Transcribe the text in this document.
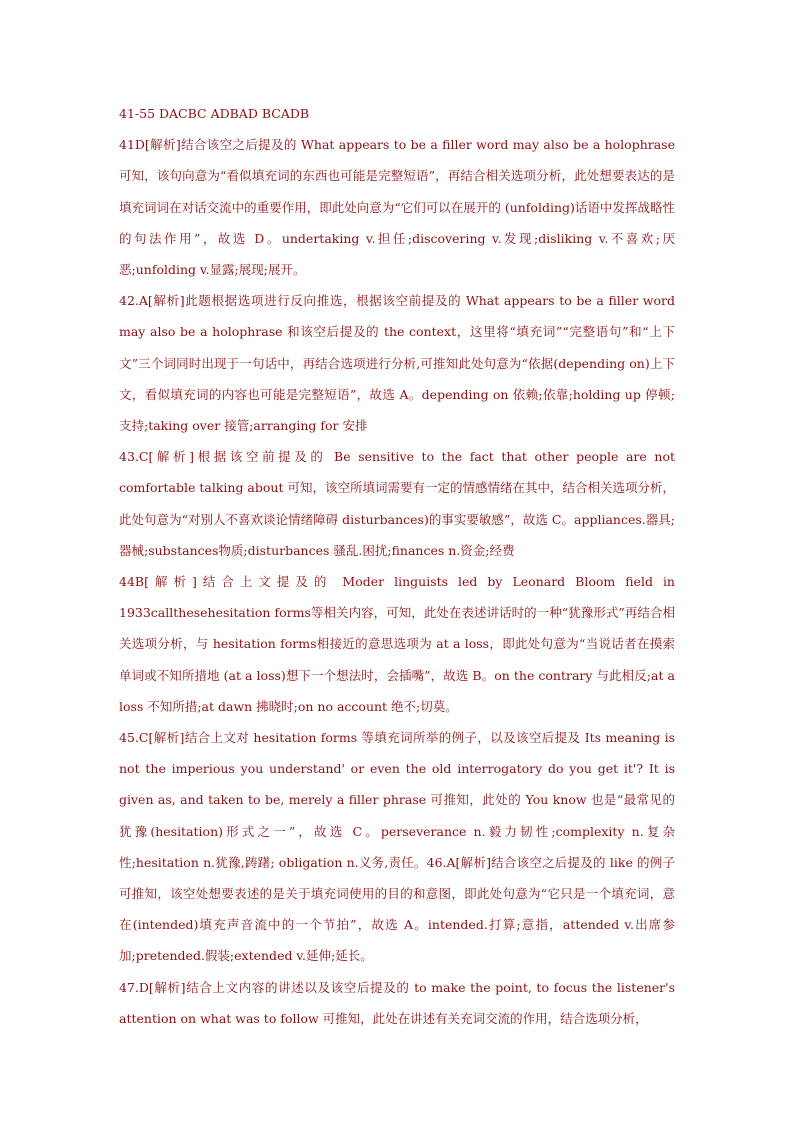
41-55 DACBC ADBAD BCADB

41D[解析]结合该空之后提及的 What appears to be a filler word may also be a holophrase 可知，该句向意为“看似填充词的东西也可能是完整短语”，再结合相关选项分析，此处想要表达的是填充词词在对话交流中的重要作用，即此处向意为“它们可以在展开的 (unfolding)话语中发挥战略性的句法作用”，故选 D。undertaking v.担任;discovering v.发现;disliking v.不喜欢;厌恶;unfolding v.显露;展现;展开。

42.A[解析]此题根据选项进行反向推选，根据该空前提及的 What appears to be a filler word may also be a holophrase 和该空后提及的 the context，这里将“填充词”“完整语句”和“上下文”三个词同时出现于一句话中，再结合选项进行分析,可推知此处句意为“依据(depending on)上下文，看似填充词的内容也可能是完整短语”，故选 A。depending on 依赖;依靠;holding up 停顿;支持;taking over 接管;arranging for 安排

43.C[解析]根据该空前提及的 Be sensitive to the fact that other people are not comfortable talking about 可知，该空所填词需要有一定的情感情绪在其中，结合相关选项分析，此处句意为“对别人不喜欢谈论情绪障碍 disturbances)的事实要敏感”，故选 C。appliances.器具;器械;substances物质;disturbances 骚乱.困扰;finances n.资金;经费

44B[解析]结合上文提及的 Moder linguists led by Leonard Bloom field in 1933callthesehesitation forms等相关内容，可知，此处在表述讲话时的一种“犹豫形式”再结合相关选项分析，与 hesitation forms相接近的意思选项为 at a loss，即此处句意为“当说话者在摸索单词或不知所措地 (at a loss)想下一个想法时，会插嘴”，故选 B。on the contrary 与此相反;at a loss 不知所措;at dawn 拂晓时;on no account 绝不;切莫。

45.C[解析]结合上文对 hesitation forms 等填充词所举的例子，以及该空后提及 Its meaning is not the imperious you understand' or even the old interrogatory do you get it'? It is given as, and taken to be, merely a filler phrase 可推知，此处的 You know 也是“最常见的犹豫(hesitation)形式之一”，故选 C。perseverance n.毅力韧性;complexity n.复杂性;hesitation n.犹豫,踌躇; obligation n.义务,责任。46.A[解析]结合该空之后提及的 like 的例子可推知，该空处想要表述的是关于填充词使用的目的和意图，即此处句意为“它只是一个填充词，意在(intended)填充声音流中的一个节拍”，故选 A。intended.打算;意指，attended v.出席参加;pretended.假装;extended v.延伸;延长。

47.D[解析]结合上文内容的讲述以及该空后提及的 to make the point, to focus the listener's attention on what was to follow 可推知，此处在讲述有关充词交流的作用，结合选项分析，
